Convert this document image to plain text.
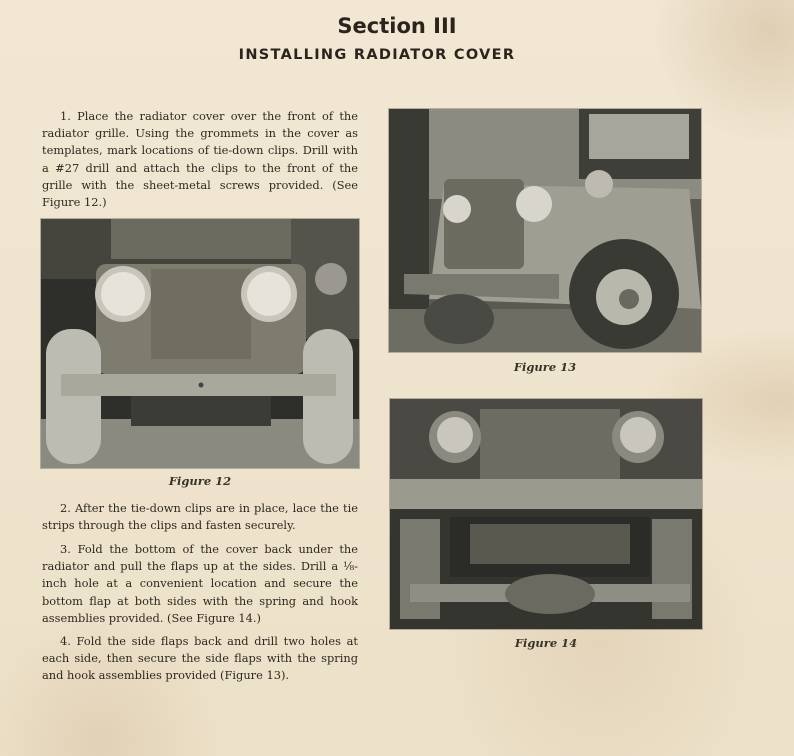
Section III
INSTALLING RADIATOR COVER

1. Place the radiator cover over the front of the radiator grille. Using the grommets in the cover as templates, mark locations of tie-down clips. Drill with a #27 drill and attach the clips to the front of the grille with the sheet-metal screws provided. (See Figure 12.)

Figure 12

2. After the tie-down clips are in place, lace the tie strips through the clips and fasten securely.

3. Fold the bottom of the cover back under the radiator and pull the flaps up at the sides. Drill a ⅛-inch hole at a convenient location and secure the bottom flap at both sides with the spring and hook assemblies provided. (See Figure 14.)

4. Fold the side flaps back and drill two holes at each side, then secure the side flaps with the spring and hook assemblies provided (Figure 13).

Figure 13
Figure 14
